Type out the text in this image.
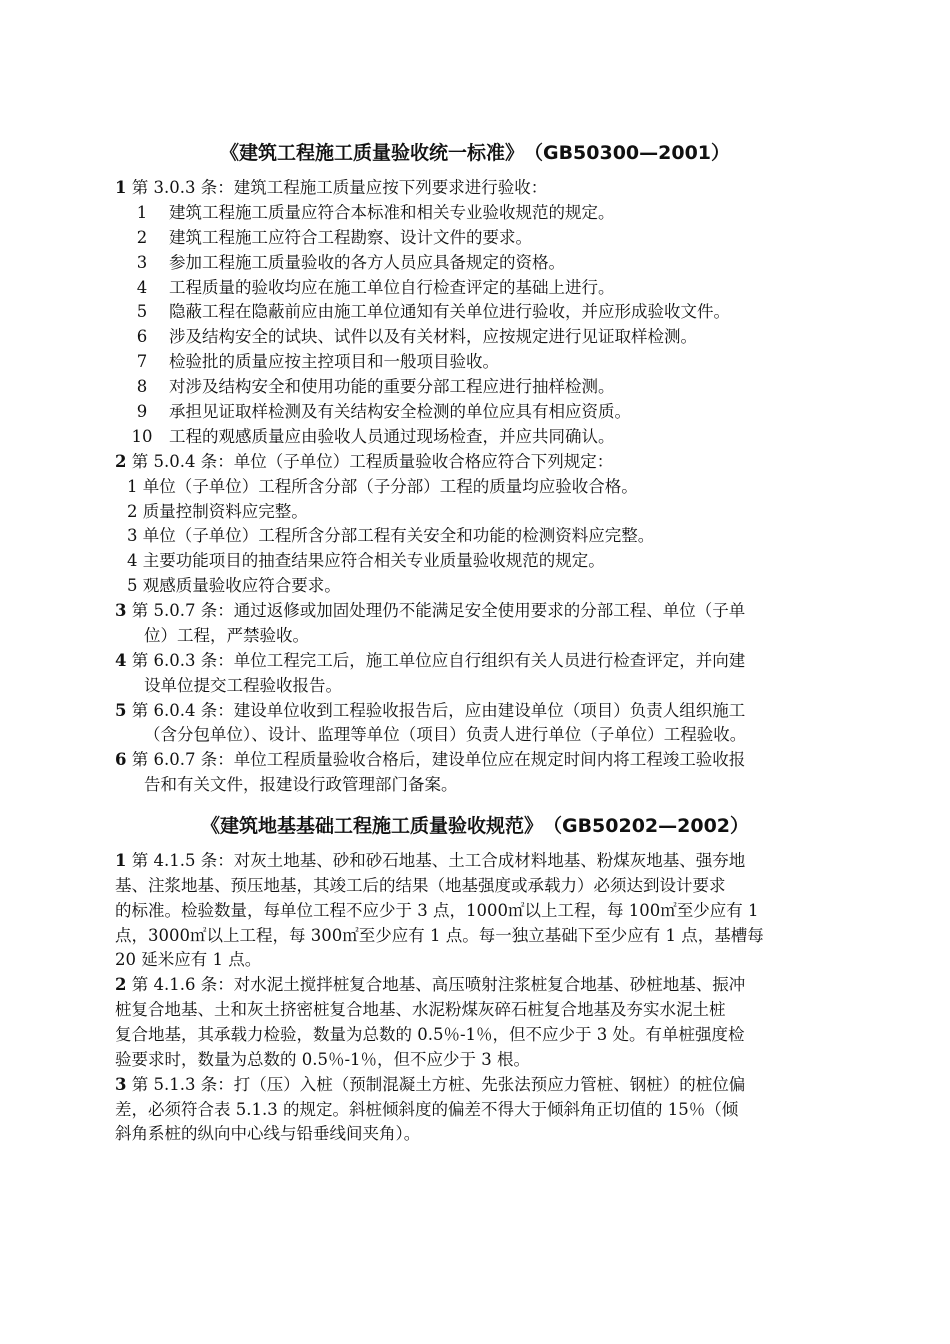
《建筑工程施工质量验收统一标准》　（GB50300—2001）
1 第 3.0.3 条：建筑工程施工质量应按下列要求进行验收：
1 建筑工程施工质量应符合本标准和相关专业验收规范的规定。
2 建筑工程施工应符合工程勘察、设计文件的要求。
3 参加工程施工质量验收的各方人员应具备规定的资格。
4 工程质量的验收均应在施工单位自行检查评定的基础上进行。
5 隐蔽工程在隐蔽前应由施工单位通知有关单位进行验收，并应形成验收文件。
6 涉及结构安全的试块、试件以及有关材料，应按规定进行见证取样检测。
7 检验批的质量应按主控项目和一般项目验收。
8 对涉及结构安全和使用功能的重要分部工程应进行抽样检测。
9 承担见证取样检测及有关结构安全检测的单位应具有相应资质。
10 工程的观感质量应由验收人员通过现场检查，并应共同确认。
2 第 5.0.4 条：单位（子单位）工程质量验收合格应符合下列规定：
1 单位（子单位）工程所含分部（子分部）工程的质量均应验收合格。
2 质量控制资料应完整。
3 单位（子单位）工程所含分部工程有关安全和功能的检测资料应完整。
4 主要功能项目的抽查结果应符合相关专业质量验收规范的规定。
5 观感质量验收应符合要求。
3 第 5.0.7 条：通过返修或加固处理仍不能满足安全使用要求的分部工程、单位（子单
位）工程，严禁验收。
4 第 6.0.3 条：单位工程完工后，施工单位应自行组织有关人员进行检查评定，并向建
设单位提交工程验收报告。
5 第 6.0.4 条：建设单位收到工程验收报告后，应由建设单位（项目）负责人组织施工
（含分包单位）、设计、监理等单位（项目）负责人进行单位（子单位）工程验收。
6 第 6.0.7 条：单位工程质量验收合格后，建设单位应在规定时间内将工程竣工验收报
告和有关文件，报建设行政管理部门备案。
《建筑地基基础工程施工质量验收规范》　（GB50202—2002）
1 第 4.1.5 条：对灰土地基、砂和砂石地基、土工合成材料地基、粉煤灰地基、强夯地
基、注浆地基、预压地基，其竣工后的结果（地基强度或承载力）必须达到设计要求
的标准。检验数量，每单位工程不应少于 3 点，1000㎡以上工程，每 100㎡至少应有 1
点，3000㎡以上工程，每 300㎡至少应有 1 点。每一独立基础下至少应有 1 点，基槽每
20 延米应有 1 点。
2 第 4.1.6 条：对水泥土搅拌桩复合地基、高压喷射注浆桩复合地基、砂桩地基、振冲
桩复合地基、土和灰土挤密桩复合地基、水泥粉煤灰碎石桩复合地基及夯实水泥土桩
复合地基，其承载力检验，数量为总数的 0.5％-1％，但不应少于 3 处。有单桩强度检
验要求时，数量为总数的 0.5％-1％，但不应少于 3 根。
3 第 5.1.3 条：打（压）入桩（预制混凝土方桩、先张法预应力管桩、钢桩）的桩位偏
差，必须符合表 5.1.3 的规定。斜桩倾斜度的偏差不得大于倾斜角正切值的 15％（倾
斜角系桩的纵向中心线与铅垂线间夹角）。
